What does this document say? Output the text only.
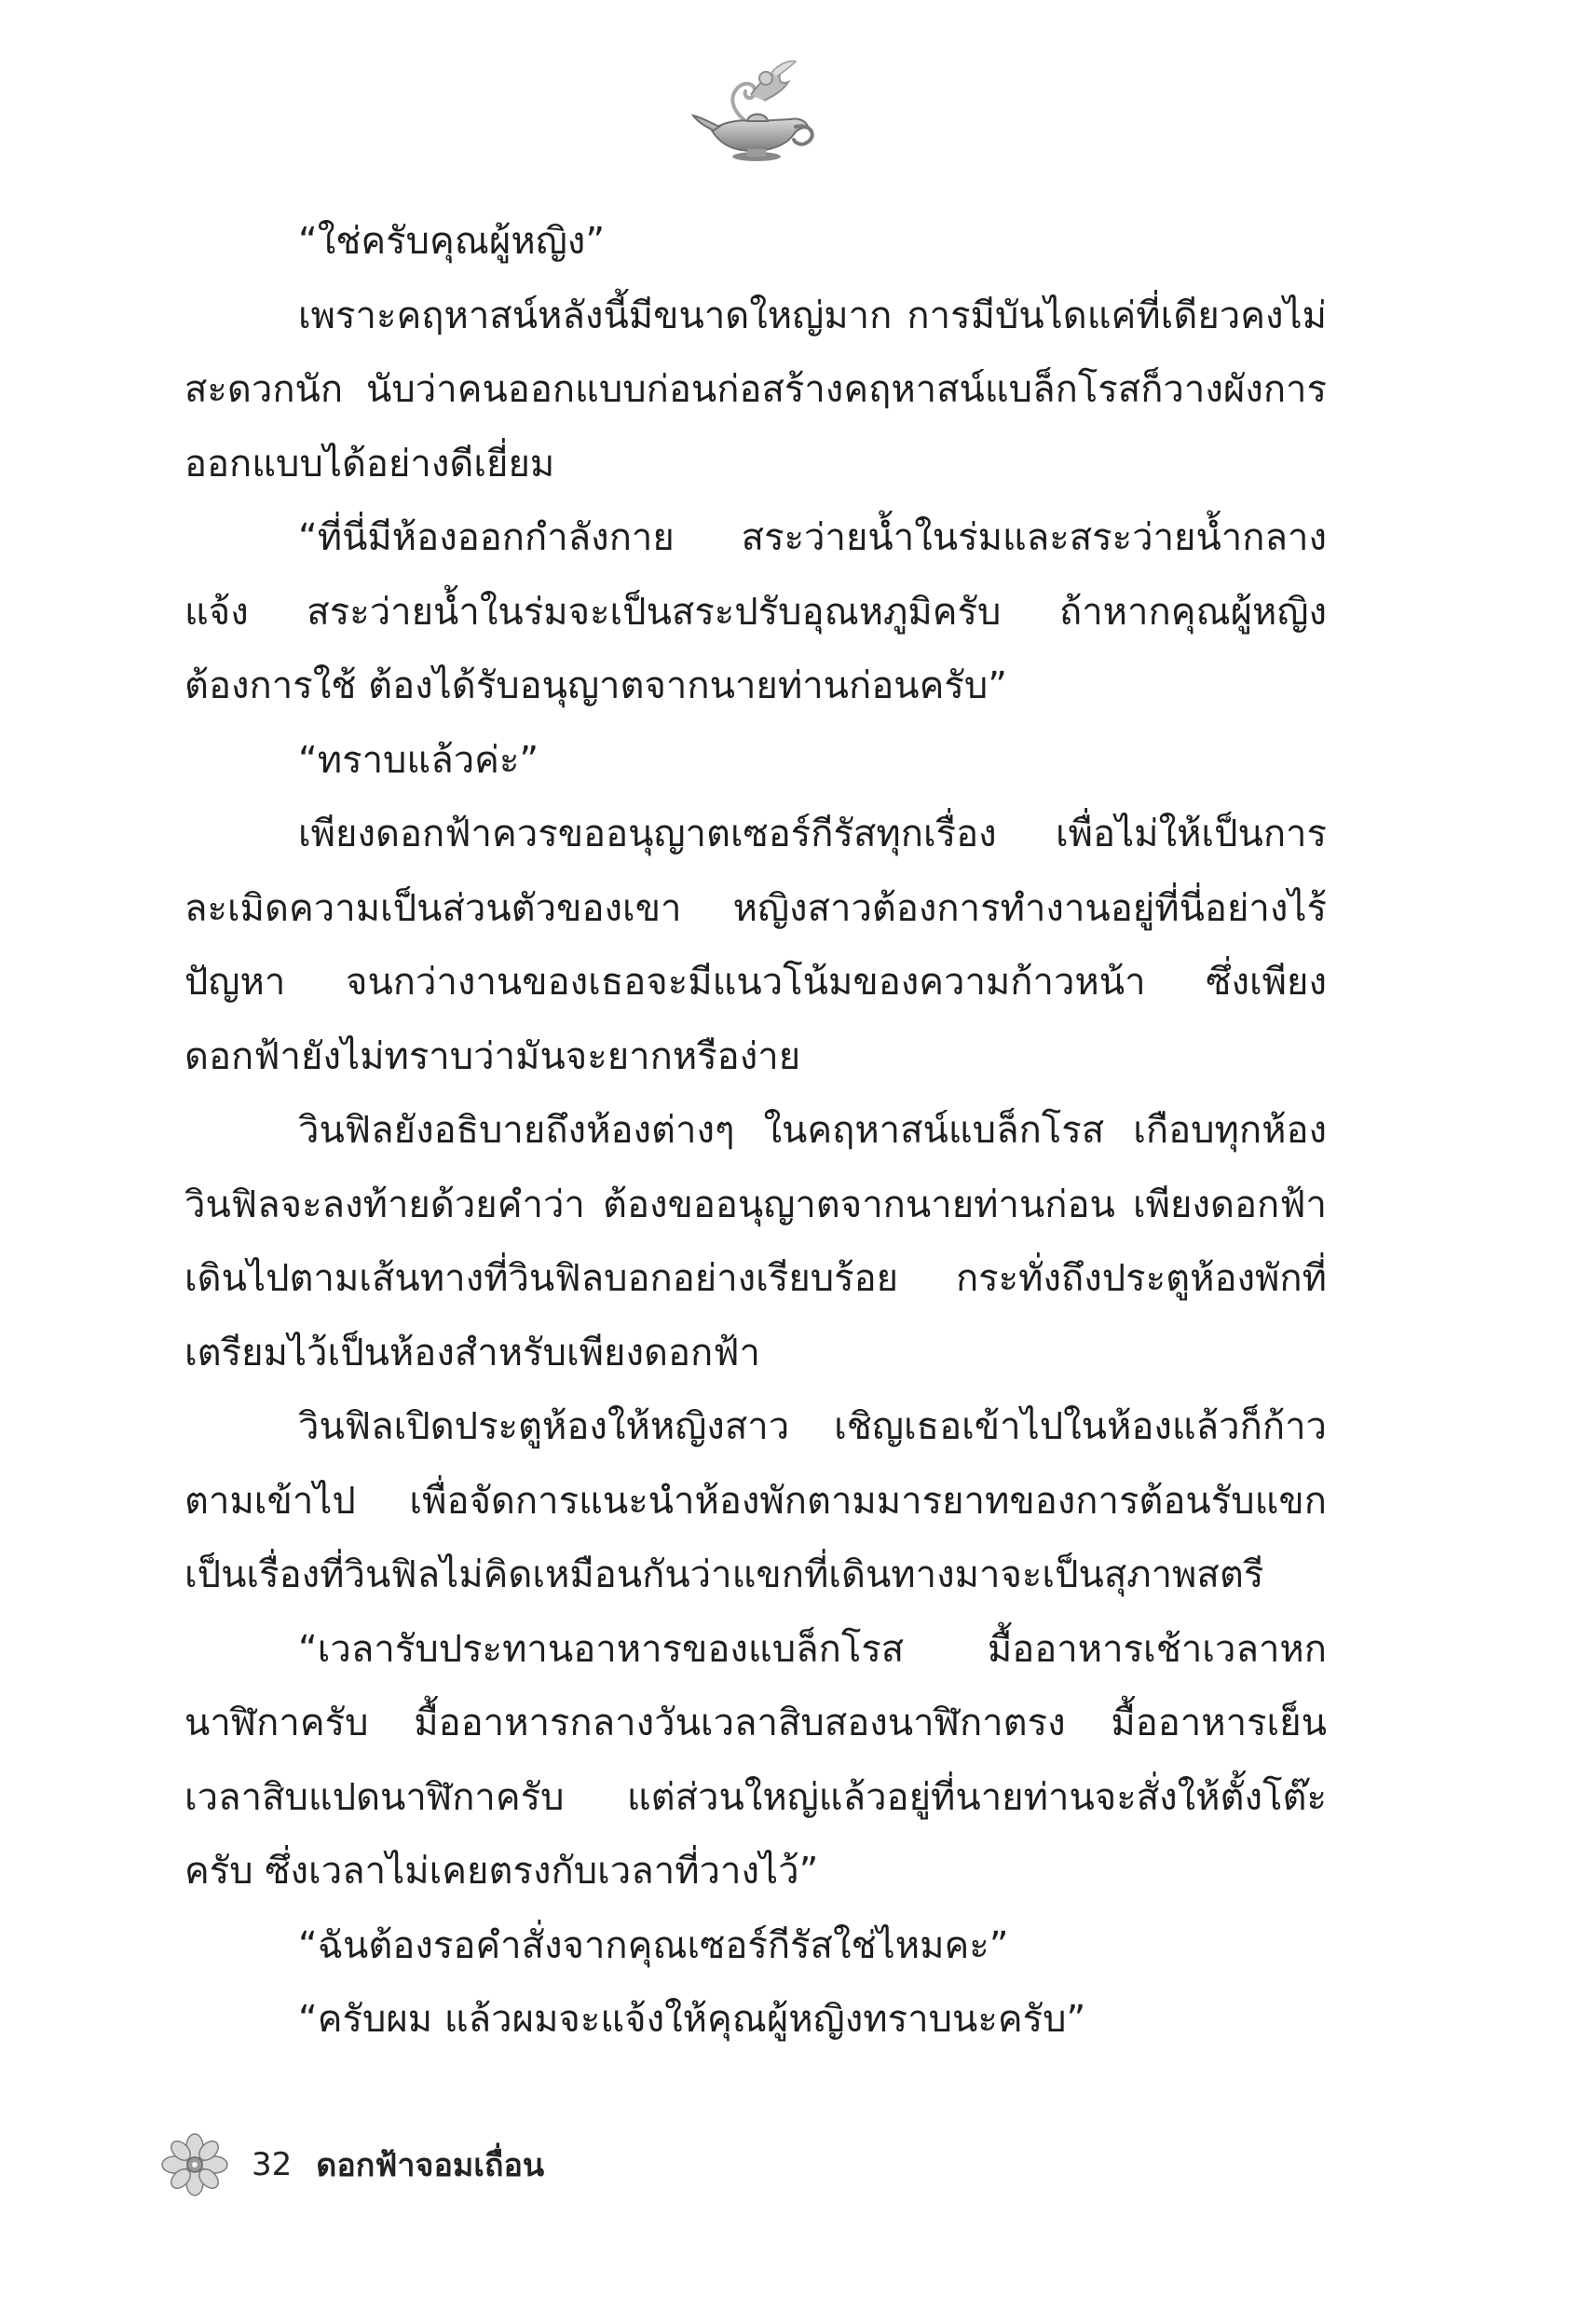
“ใช่ครับคุณผู้หญิง”

เพราะคฤหาสน์หลังนี้มีขนาดใหญ่มาก การมีบันไดแค่ที่เดียวคงไม่สะดวกนัก นับว่าคนออกแบบก่อนก่อสร้างคฤหาสน์แบล็กโรสก็วางผังการออกแบบได้อย่างดีเยี่ยม

“ที่นี่มีห้องออกกำลังกาย สระว่ายน้ำในร่มและสระว่ายน้ำกลางแจ้ง สระว่ายน้ำในร่มจะเป็นสระปรับอุณหภูมิครับ ถ้าหากคุณผู้หญิงต้องการใช้ ต้องได้รับอนุญาตจากนายท่านก่อนครับ”

“ทราบแล้วค่ะ”

เพียงดอกฟ้าควรขออนุญาตเซอร์กีรัสทุกเรื่อง เพื่อไม่ให้เป็นการละเมิดความเป็นส่วนตัวของเขา หญิงสาวต้องการทำงานอยู่ที่นี่อย่างไร้ปัญหา จนกว่างานของเธอจะมีแนวโน้มของความก้าวหน้า ซึ่งเพียงดอกฟ้ายังไม่ทราบว่ามันจะยากหรือง่าย

วินฟิลยังอธิบายถึงห้องต่างๆ ในคฤหาสน์แบล็กโรส เกือบทุกห้องวินฟิลจะลงท้ายด้วยคำว่า ต้องขออนุญาตจากนายท่านก่อน เพียงดอกฟ้าเดินไปตามเส้นทางที่วินฟิลบอกอย่างเรียบร้อย กระทั่งถึงประตูห้องพักที่เตรียมไว้เป็นห้องสำหรับเพียงดอกฟ้า

วินฟิลเปิดประตูห้องให้หญิงสาว เชิญเธอเข้าไปในห้องแล้วก็ก้าวตามเข้าไป เพื่อจัดการแนะนำห้องพักตามมารยาทของการต้อนรับแขก เป็นเรื่องที่วินฟิลไม่คิดเหมือนกันว่าแขกที่เดินทางมาจะเป็นสุภาพสตรี

“เวลารับประทานอาหารของแบล็กโรส มื้ออาหารเช้าเวลาหกนาฬิกาครับ มื้ออาหารกลางวันเวลาสิบสองนาฬิกาตรง มื้ออาหารเย็นเวลาสิบแปดนาฬิกาครับ แต่ส่วนใหญ่แล้วอยู่ที่นายท่านจะสั่งให้ตั้งโต๊ะครับ ซึ่งเวลาไม่เคยตรงกับเวลาที่วางไว้”

“ฉันต้องรอคำสั่งจากคุณเซอร์กีรัสใช่ไหมคะ”

“ครับผม แล้วผมจะแจ้งให้คุณผู้หญิงทราบนะครับ”

32 ดอกฟ้าจอมเถื่อน
